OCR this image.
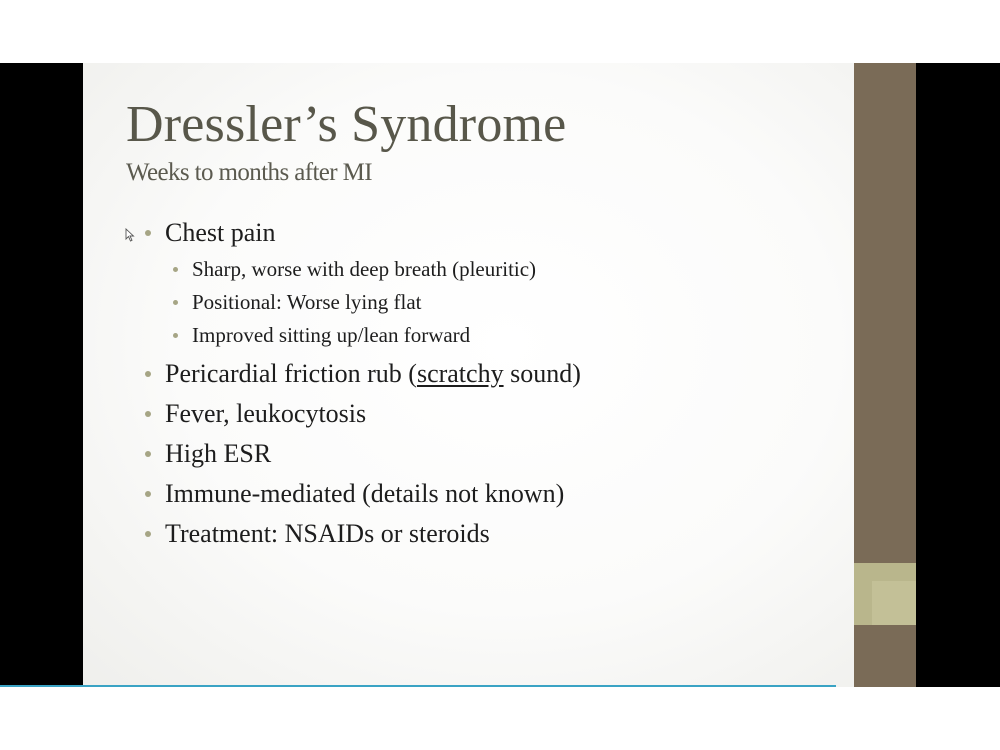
Dressler’s Syndrome
Weeks to months after MI
Chest pain
Sharp, worse with deep breath (pleuritic)
Positional: Worse lying flat
Improved sitting up/lean forward
Pericardial friction rub (scratchy sound)
Fever, leukocytosis
High ESR
Immune-mediated (details not known)
Treatment: NSAIDs or steroids
